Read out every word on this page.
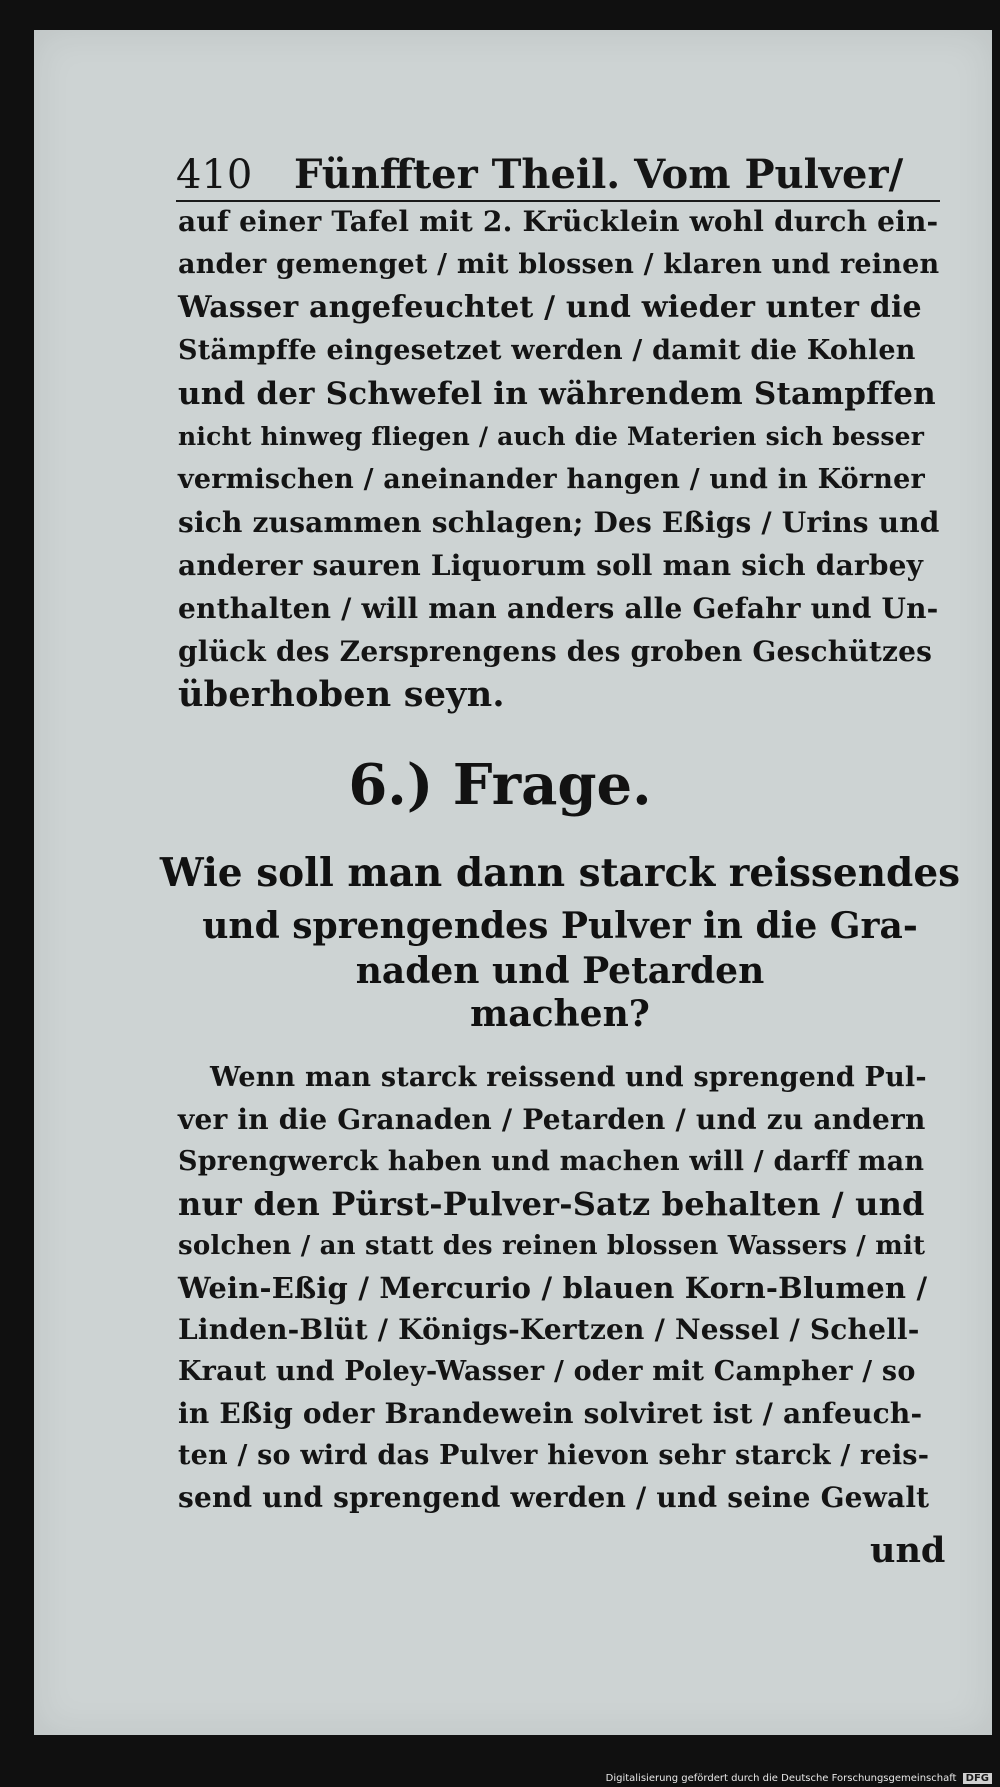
410 Fünffter Theil. Vom Pulver/
auf einer Tafel mit 2. Krücklein wohl durch ein-
ander gemenget / mit blossen / klaren und reinen
Wasser angefeuchtet / und wieder unter die
Stämpffe eingesetzet werden / damit die Kohlen
und der Schwefel in währendem Stampffen
nicht hinweg fliegen / auch die Materien sich besser
vermischen / aneinander hangen / und in Körner
sich zusammen schlagen; Des Eßigs / Urins und
anderer sauren Liquorum soll man sich darbey
enthalten / will man anders alle Gefahr und Un-
glück des Zersprengens des groben Geschützes
überhoben seyn.
6.) Frage.
Wie soll man dann starck reissendes
und sprengendes Pulver in die Gra-
naden und Petarden
machen?
Wenn man starck reissend und sprengend Pul-
ver in die Granaden / Petarden / und zu andern
Sprengwerck haben und machen will / darff man
nur den Pürst-Pulver-Satz behalten / und
solchen / an statt des reinen blossen Wassers / mit
Wein-Eßig / Mercurio / blauen Korn-Blumen /
Linden-Blüt / Königs-Kertzen / Nessel / Schell-
Kraut und Poley-Wasser / oder mit Campher / so
in Eßig oder Brandewein solviret ist / anfeuch-
ten / so wird das Pulver hievon sehr starck / reis-
send und sprengend werden / und seine Gewalt
und
Digitalisierung gefördert durch die Deutsche Forschungsgemeinschaft DFG
